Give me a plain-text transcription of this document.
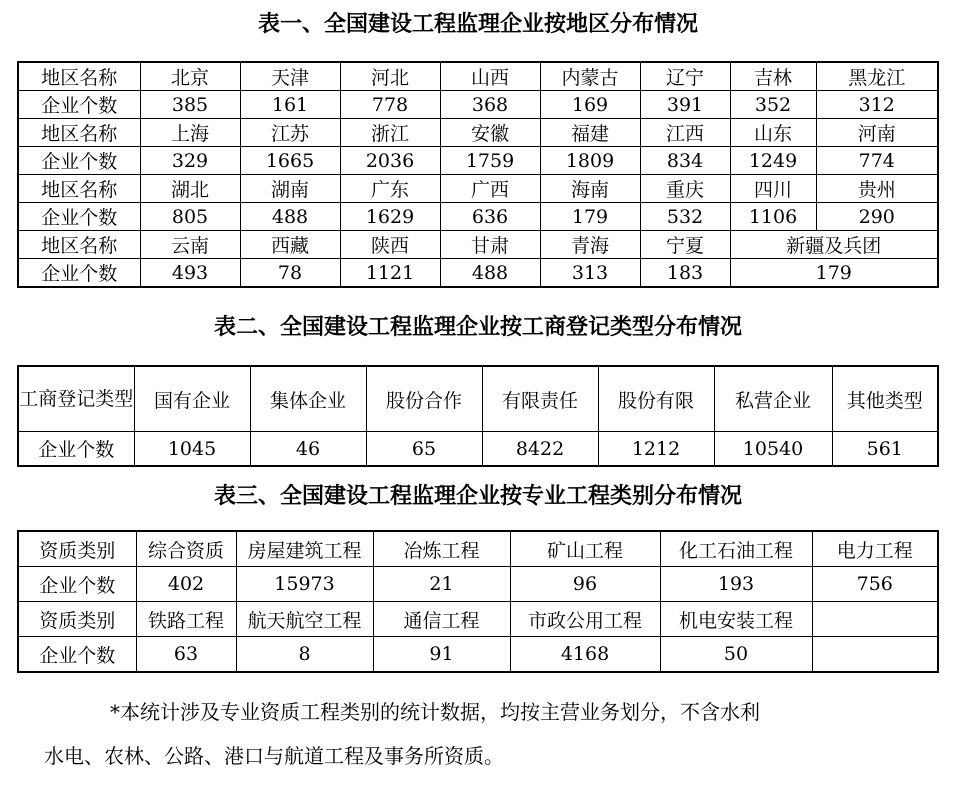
表一、全国建设工程监理企业按地区分布情况
地区名称	北京	天津	河北	山西	内蒙古	辽宁	吉林	黑龙江
企业个数	385	161	778	368	169	391	352	312
地区名称	上海	江苏	浙江	安徽	福建	江西	山东	河南
企业个数	329	1665	2036	1759	1809	834	1249	774
地区名称	湖北	湖南	广东	广西	海南	重庆	四川	贵州
企业个数	805	488	1629	636	179	532	1106	290
地区名称	云南	西藏	陕西	甘肃	青海	宁夏	新疆及兵团	
企业个数	493	78	1121	488	313	183	179	
表二、全国建设工程监理企业按工商登记类型分布情况
工商登记类型	国有企业	集体企业	股份合作	有限责任	股份有限	私营企业	其他类型
企业个数	1045	46	65	8422	1212	10540	561
表三、全国建设工程监理企业按专业工程类别分布情况
资质类别	综合资质	房屋建筑工程	冶炼工程	矿山工程	化工石油工程	电力工程
企业个数	402	15973	21	96	193	756
资质类别	铁路工程	航天航空工程	通信工程	市政公用工程	机电安装工程	
企业个数	63	8	91	4168	50	

*本统计涉及专业资质工程类别的统计数据，均按主营业务划分，不含水利

水电、农林、公路、港口与航道工程及事务所资质。
